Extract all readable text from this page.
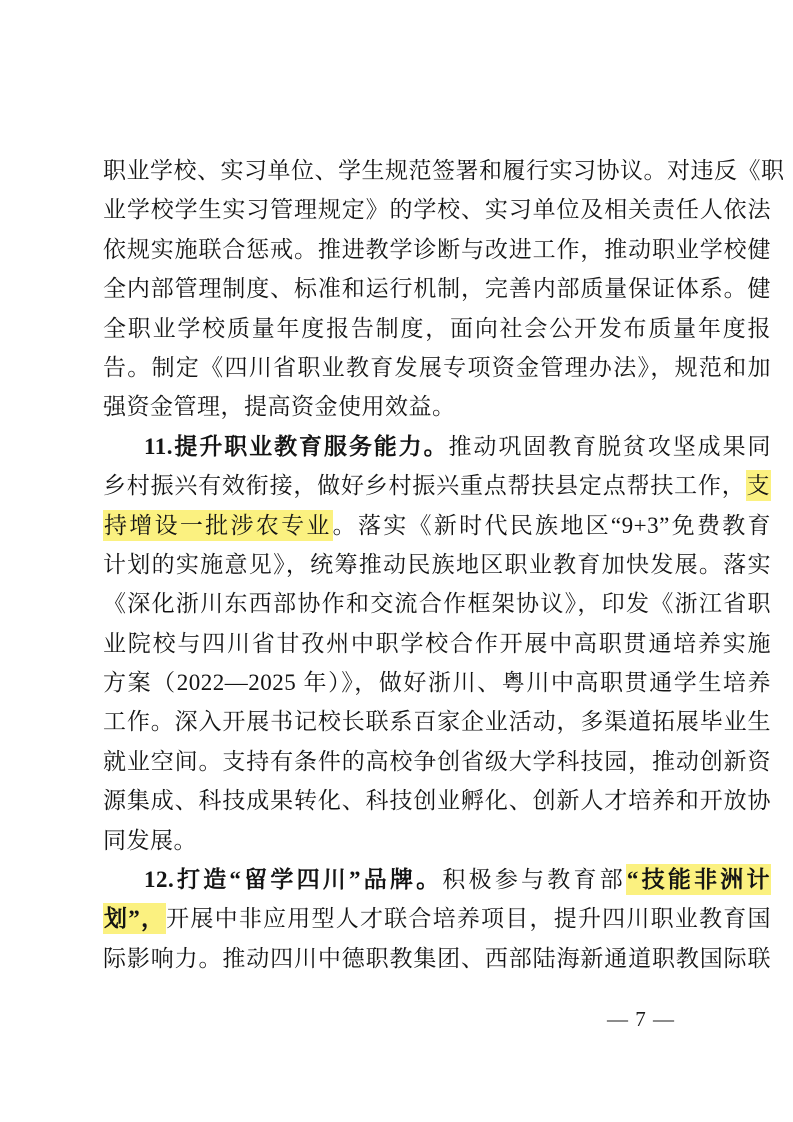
职业学校、实习单位、学生规范签署和履行实习协议。对违反《职
业学校学生实习管理规定》的学校、实习单位及相关责任人依法
依规实施联合惩戒。推进教学诊断与改进工作，推动职业学校健
全内部管理制度、标准和运行机制，完善内部质量保证体系。健
全职业学校质量年度报告制度，面向社会公开发布质量年度报
告。制定《四川省职业教育发展专项资金管理办法》，规范和加
强资金管理，提高资金使用效益。
11.提升职业教育服务能力。推动巩固教育脱贫攻坚成果同
乡村振兴有效衔接，做好乡村振兴重点帮扶县定点帮扶工作，支
持增设一批涉农专业。落实《新时代民族地区“9+3”免费教育
计划的实施意见》，统筹推动民族地区职业教育加快发展。落实
《深化浙川东西部协作和交流合作框架协议》，印发《浙江省职
业院校与四川省甘孜州中职学校合作开展中高职贯通培养实施
方案（2022—2025 年）》，做好浙川、粤川中高职贯通学生培养
工作。深入开展书记校长联系百家企业活动，多渠道拓展毕业生
就业空间。支持有条件的高校争创省级大学科技园，推动创新资
源集成、科技成果转化、科技创业孵化、创新人才培养和开放协
同发展。
12.打造“留学四川”品牌。积极参与教育部“技能非洲计
划”，开展中非应用型人才联合培养项目，提升四川职业教育国
际影响力。推动四川中德职教集团、西部陆海新通道职教国际联
— 7 —
